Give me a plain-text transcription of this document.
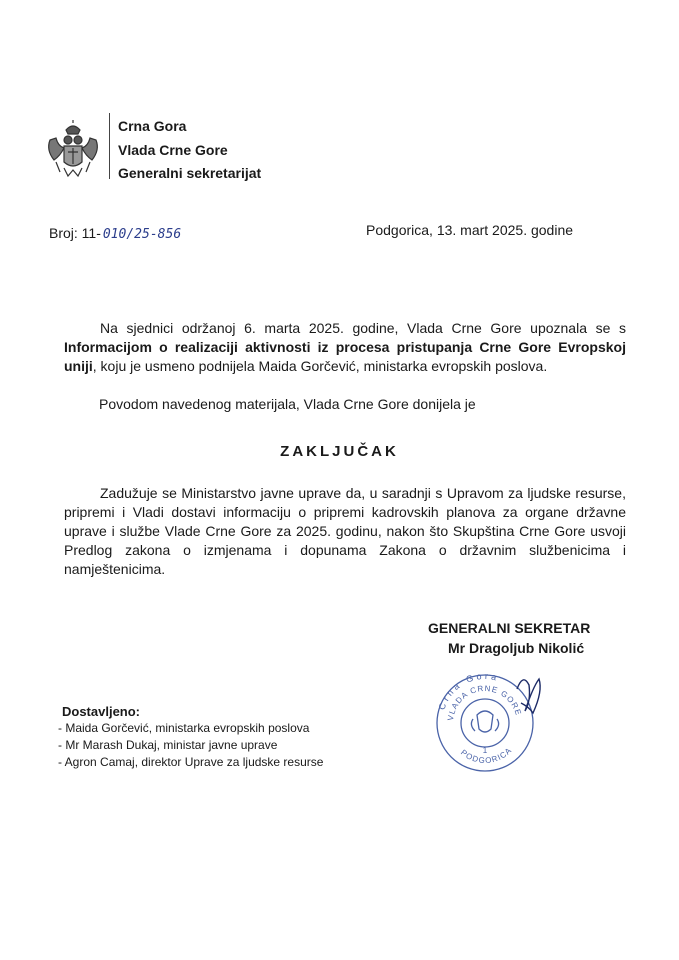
Crna Gora
Vlada Crne Gore
Generalni sekretarijat
Broj: 11- 010/25-856	Podgorica, 13. mart 2025. godine
Na sjednici održanoj 6. marta 2025. godine, Vlada Crne Gore upoznala se s Informacijom o realizaciji aktivnosti iz procesa pristupanja Crne Gore Evropskoj uniji, koju je usmeno podnijela Maida Gorčević, ministarka evropskih poslova.
Povodom navedenog materijala, Vlada Crne Gore donijela je
ZAKLJUČAK
Zadužuje se Ministarstvo javne uprave da, u saradnji s Upravom za ljudske resurse, pripremi i Vladi dostavi informaciju o pripremi kadrovskih planova za organe državne uprave i službe Vlade Crne Gore za 2025. godinu, nakon što Skupština Crne Gore usvoji Predlog zakona o izmjenama i dopunama Zakona o državnim službenicima i namještenicima.
GENERALNI SEKRETAR
Mr Dragoljub Nikolić
Crna Gora
VLADA CRNE GORE
1
PODGORICA
Dostavljeno:
- Maida Gorčević, ministarka evropskih poslova
- Mr Marash Dukaj, ministar javne uprave
- Agron Camaj, direktor Uprave za ljudske resurse
